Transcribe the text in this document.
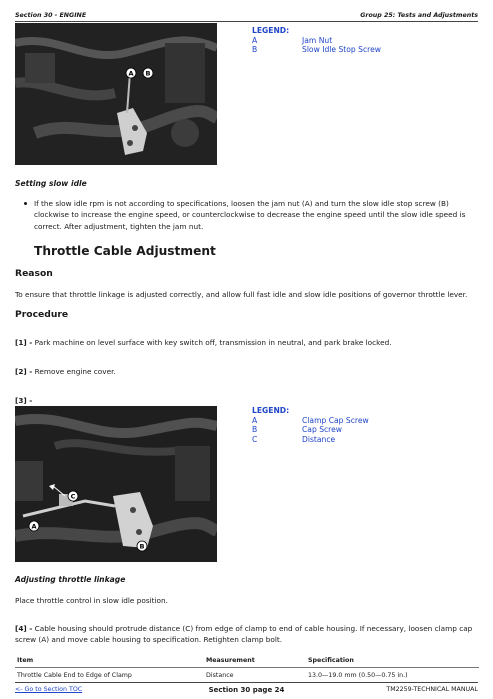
Section 30 - ENGINE	Group 25: Tests and Adjustments
A B
LEGEND:
A	Jam Nut
B	Slow Idle Stop Screw
Setting slow idle
If the slow idle rpm is not according to specifications, loosen the jam nut (A) and turn the slow idle stop screw (B) clockwise to increase the engine speed, or counterclockwise to decrease the engine speed until the slow idle speed is correct. After adjustment, tighten the jam nut.
Throttle Cable Adjustment
Reason
To ensure that throttle linkage is adjusted correctly, and allow full fast idle and slow idle positions of governor throttle lever.
Procedure
[1] - Park machine on level surface with key switch off, transmission in neutral, and park brake locked.
[2] - Remove engine cover.
[3] -
A
B
C
LEGEND:
A	Clamp Cap Screw
B	Cap Screw
C	Distance
Adjusting throttle linkage
Place throttle control in slow idle position.
[4] - Cable housing should protrude distance (C) from edge of clamp to end of cable housing. If necessary, loosen clamp cap screw (A) and move cable housing to specification. Retighten clamp bolt.
Item	Measurement	Specification
Throttle Cable End to Edge of Clamp	Distance	13.0—19.0 mm (0.50—0.75 in.)
<- Go to Section TOC	Section 30 page 24	TM2259-TECHNICAL MANUAL
